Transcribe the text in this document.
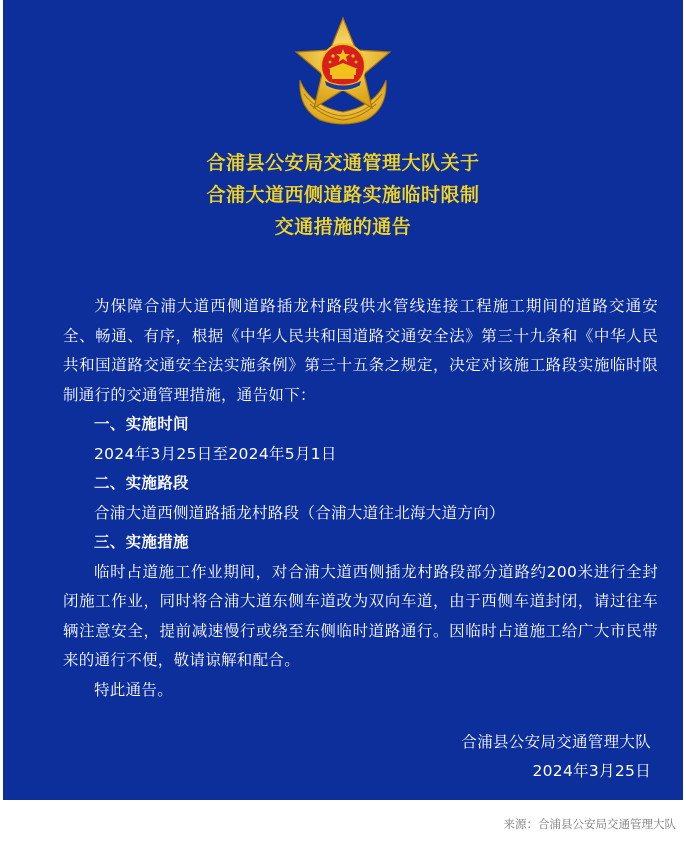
合浦县公安局交通管理大队关于
合浦大道西侧道路实施临时限制
交通措施的通告

为保障合浦大道西侧道路插龙村路段供水管线连接工程施工期间的道路交通安全、畅通、有序，根据《中华人民共和国道路交通安全法》第三十九条和《中华人民共和国道路交通安全法实施条例》第三十五条之规定，决定对该施工路段实施临时限制通行的交通管理措施，通告如下：

一、实施时间

2024年3月25日至2024年5月1日

二、实施路段

合浦大道西侧道路插龙村路段（合浦大道往北海大道方向）

三、实施措施

临时占道施工作业期间，对合浦大道西侧插龙村路段部分道路约200米进行全封闭施工作业，同时将合浦大道东侧车道改为双向车道，由于西侧车道封闭，请过往车辆注意安全，提前减速慢行或绕至东侧临时道路通行。因临时占道施工给广大市民带来的通行不便，敬请谅解和配合。

特此通告。

合浦县公安局交通管理大队
2024年3月25日
来源：合浦县公安局交通管理大队
